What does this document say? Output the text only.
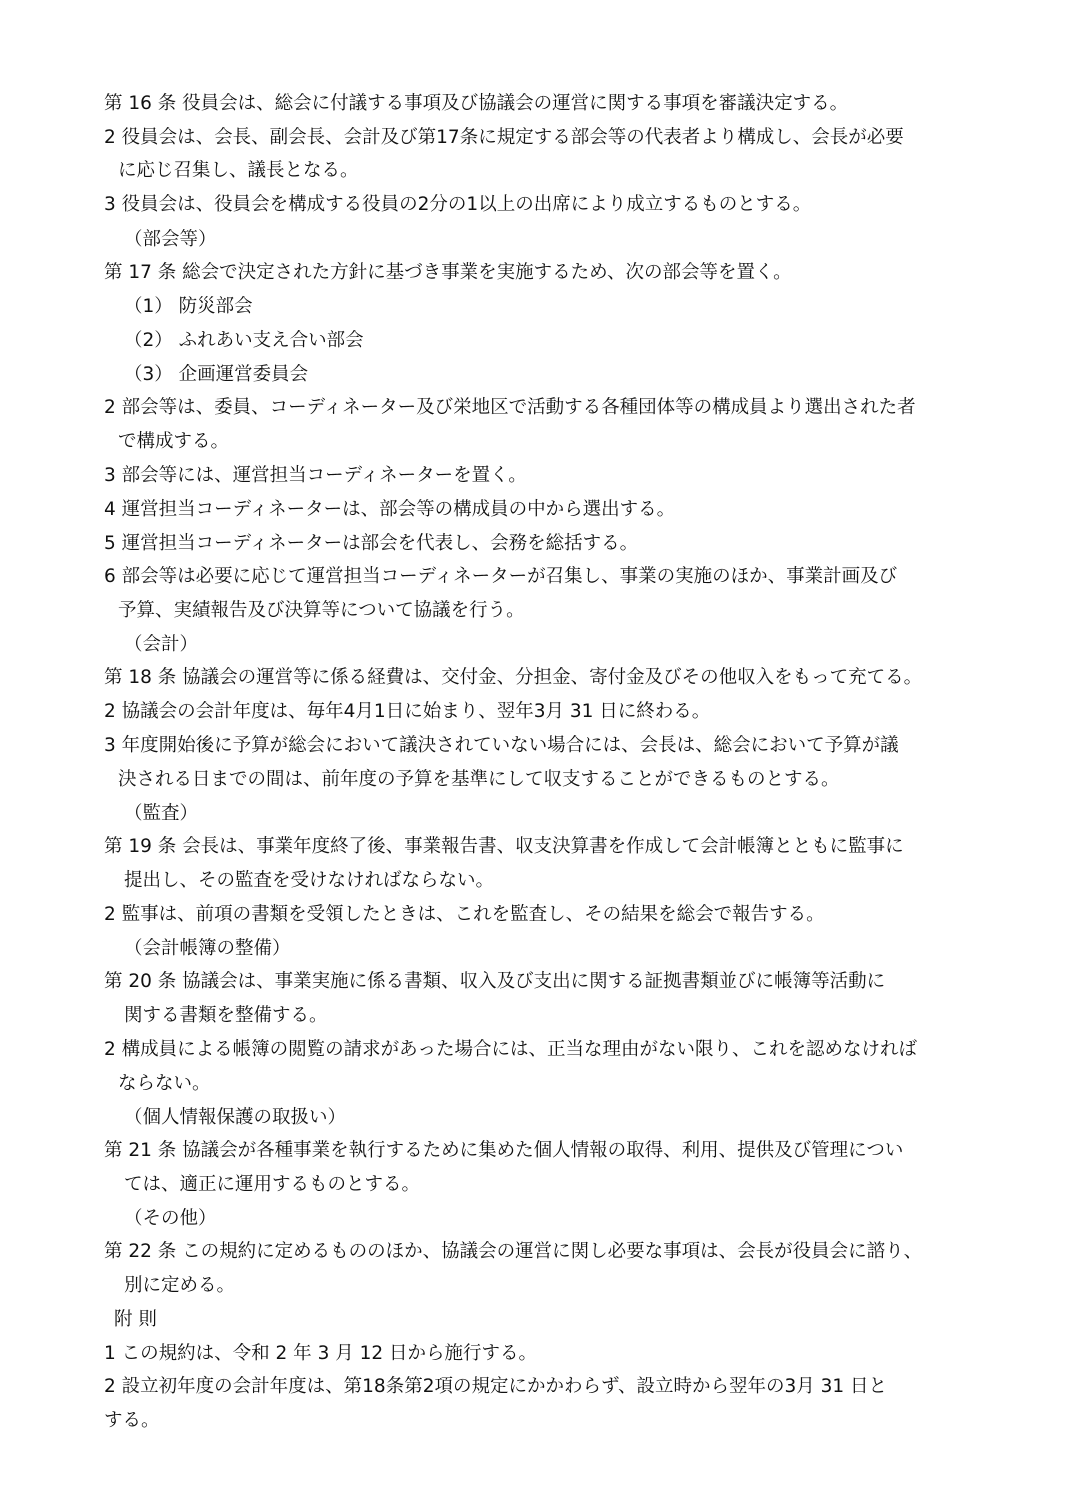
第 16 条 役員会は、総会に付議する事項及び協議会の運営に関する事項を審議決定する。
2 役員会は、会長、副会長、会計及び第17条に規定する部会等の代表者より構成し、会長が必要
に応じ召集し、議長となる。
3 役員会は、役員会を構成する役員の2分の1以上の出席により成立するものとする。
（部会等）
第 17 条 総会で決定された方針に基づき事業を実施するため、次の部会等を置く。
（1） 防災部会
（2） ふれあい支え合い部会
（3） 企画運営委員会
2 部会等は、委員、コーディネーター及び栄地区で活動する各種団体等の構成員より選出された者
で構成する。
3 部会等には、運営担当コーディネーターを置く。
4 運営担当コーディネーターは、部会等の構成員の中から選出する。
5 運営担当コーディネーターは部会を代表し、会務を総括する。
6 部会等は必要に応じて運営担当コーディネーターが召集し、事業の実施のほか、事業計画及び
予算、実績報告及び決算等について協議を行う。
（会計）
第 18 条 協議会の運営等に係る経費は、交付金、分担金、寄付金及びその他収入をもって充てる。
2 協議会の会計年度は、毎年4月1日に始まり、翌年3月 31 日に終わる。
3 年度開始後に予算が総会において議決されていない場合には、会長は、総会において予算が議
決される日までの間は、前年度の予算を基準にして収支することができるものとする。
（監査）
第 19 条 会長は、事業年度終了後、事業報告書、収支決算書を作成して会計帳簿とともに監事に
提出し、その監査を受けなければならない。
2 監事は、前項の書類を受領したときは、これを監査し、その結果を総会で報告する。
（会計帳簿の整備）
第 20 条 協議会は、事業実施に係る書類、収入及び支出に関する証拠書類並びに帳簿等活動に
関する書類を整備する。
2 構成員による帳簿の閲覧の請求があった場合には、正当な理由がない限り、これを認めなければ
ならない。
（個人情報保護の取扱い）
第 21 条 協議会が各種事業を執行するために集めた個人情報の取得、利用、提供及び管理につい
ては、適正に運用するものとする。
（その他）
第 22 条 この規約に定めるもののほか、協議会の運営に関し必要な事項は、会長が役員会に諮り、
別に定める。
附 則
1 この規約は、令和 2 年 3 月 12 日から施行する。
2 設立初年度の会計年度は、第18条第2項の規定にかかわらず、設立時から翌年の3月 31 日と
する。
